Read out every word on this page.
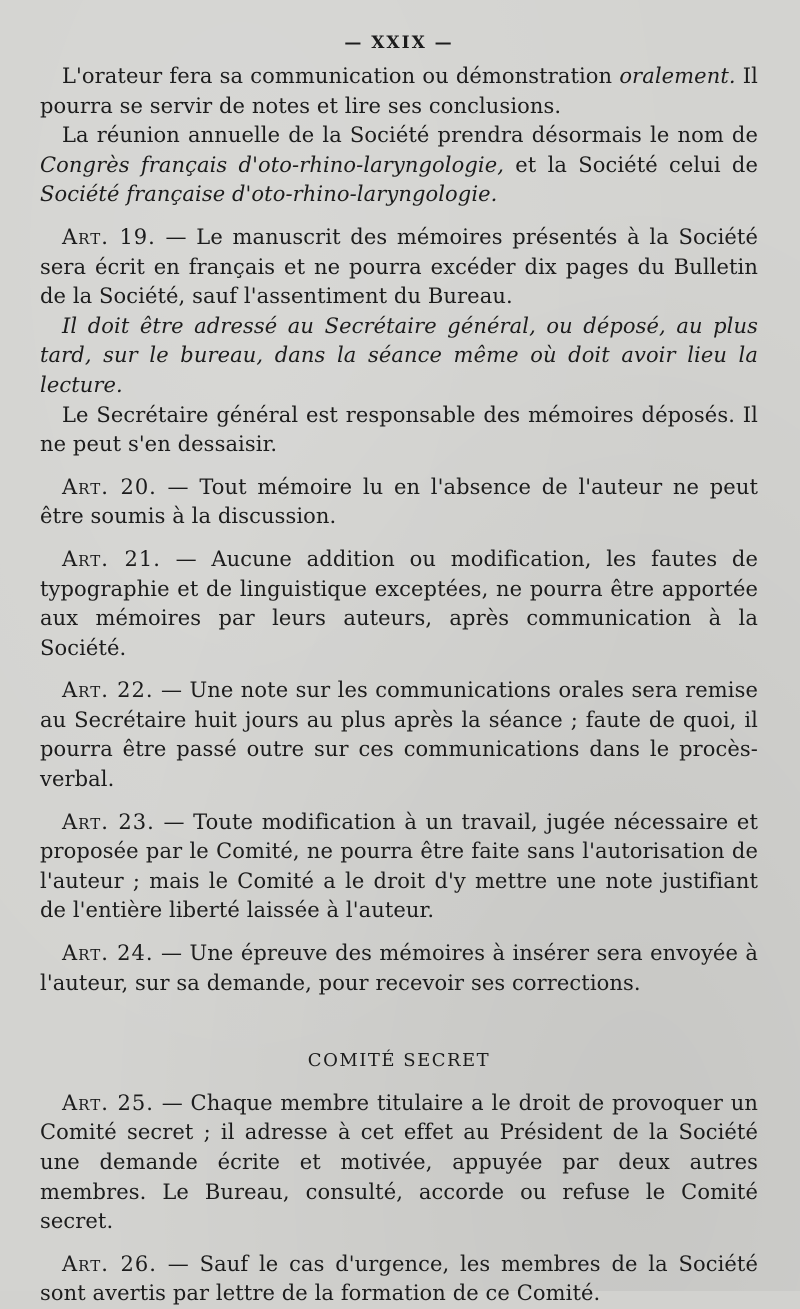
— XXIX —

L'orateur fera sa communication ou démonstration oralement. Il pourra se servir de notes et lire ses conclusions.

La réunion annuelle de la Société prendra désormais le nom de Congrès français d'oto-rhino-laryngologie, et la Société celui de Société française d'oto-rhino-laryngologie.

Art. 19. — Le manuscrit des mémoires présentés à la Société sera écrit en français et ne pourra excéder dix pages du Bulletin de la Société, sauf l'assentiment du Bureau.

Il doit être adressé au Secrétaire général, ou déposé, au plus tard, sur le bureau, dans la séance même où doit avoir lieu la lecture.

Le Secrétaire général est responsable des mémoires déposés. Il ne peut s'en dessaisir.

Art. 20. — Tout mémoire lu en l'absence de l'auteur ne peut être soumis à la discussion.

Art. 21. — Aucune addition ou modification, les fautes de typographie et de linguistique exceptées, ne pourra être apportée aux mémoires par leurs auteurs, après communication à la Société.

Art. 22. — Une note sur les communications orales sera remise au Secrétaire huit jours au plus après la séance ; faute de quoi, il pourra être passé outre sur ces communications dans le procès-verbal.

Art. 23. — Toute modification à un travail, jugée nécessaire et proposée par le Comité, ne pourra être faite sans l'autorisation de l'auteur ; mais le Comité a le droit d'y mettre une note justifiant de l'entière liberté laissée à l'auteur.

Art. 24. — Une épreuve des mémoires à insérer sera envoyée à l'auteur, sur sa demande, pour recevoir ses corrections.

COMITÉ SECRET

Art. 25. — Chaque membre titulaire a le droit de provoquer un Comité secret ; il adresse à cet effet au Président de la Société une demande écrite et motivée, appuyée par deux autres membres. Le Bureau, consulté, accorde ou refuse le Comité secret.

Art. 26. — Sauf le cas d'urgence, les membres de la Société sont avertis par lettre de la formation de ce Comité.
